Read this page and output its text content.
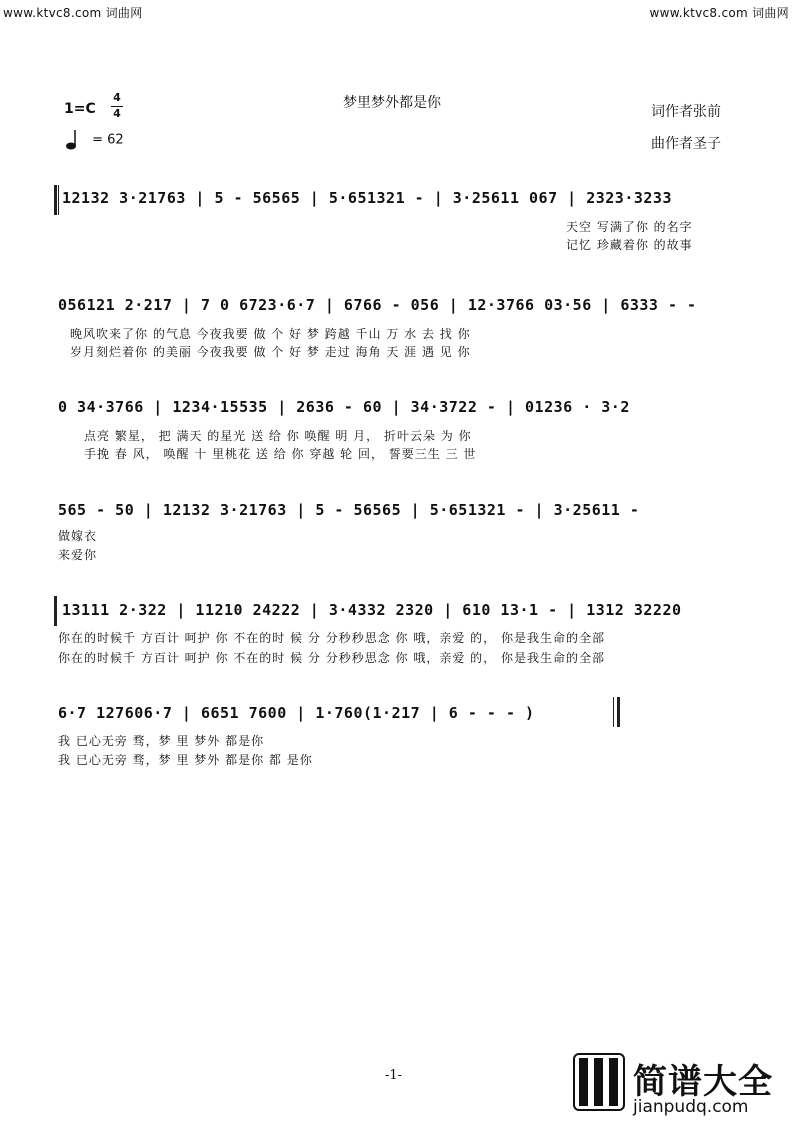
www.ktvc8.com 词曲网	www.ktvc8.com 词曲网
梦里梦外都是你
1=C
4
4
= 62
词作者张前
曲作者圣子
12132 3·21763 | 5 - 56565 | 5·651321 - | 3·25611 067 | 2323·3233
天空 写满了你 的名字
记忆 珍藏着你 的故事
056121 2·217 | 7 0 6723·6·7 | 6766 - 056 | 12·3766 03·56 | 6333 - -
晚风吹来了你 的气息 今夜我要 做 个 好 梦 跨越 千山 万 水 去 找 你
岁月刻烂着你 的美丽 今夜我要 做 个 好 梦 走过 海角 天 涯 遇 见 你
0 34·3766 | 1234·15535 | 2636 - 60 | 34·3722 - | 01236 · 3·2
点亮 繁星， 把 满天 的星光 送 给 你 唤醒 明 月， 折叶云朵 为 你
手挽 春 风， 唤醒 十 里桃花 送 给 你 穿越 轮 回， 誓要三生 三 世
565 - 50 | 12132 3·21763 | 5 - 56565 | 5·651321 - | 3·25611 -
做嫁衣
来爱你
13111 2·322 | 11210 24222 | 3·4332 2320 | 610 13·1 - | 1312 32220
你在的时候千 方百计 呵护 你 不在的时 候 分 分秒秒思念 你 哦，亲爱 的， 你是我生命的全部
你在的时候千 方百计 呵护 你 不在的时 候 分 分秒秒思念 你 哦，亲爱 的， 你是我生命的全部
6·7 127606·7 | 6651 7600 | 1·760(1·217 | 6 - - - )
我 已心无旁 骛，梦 里 梦外 都是你
我 已心无旁 骛，梦 里 梦外 都是你 都 是你
-1-	简谱大全
jianpudq.com
